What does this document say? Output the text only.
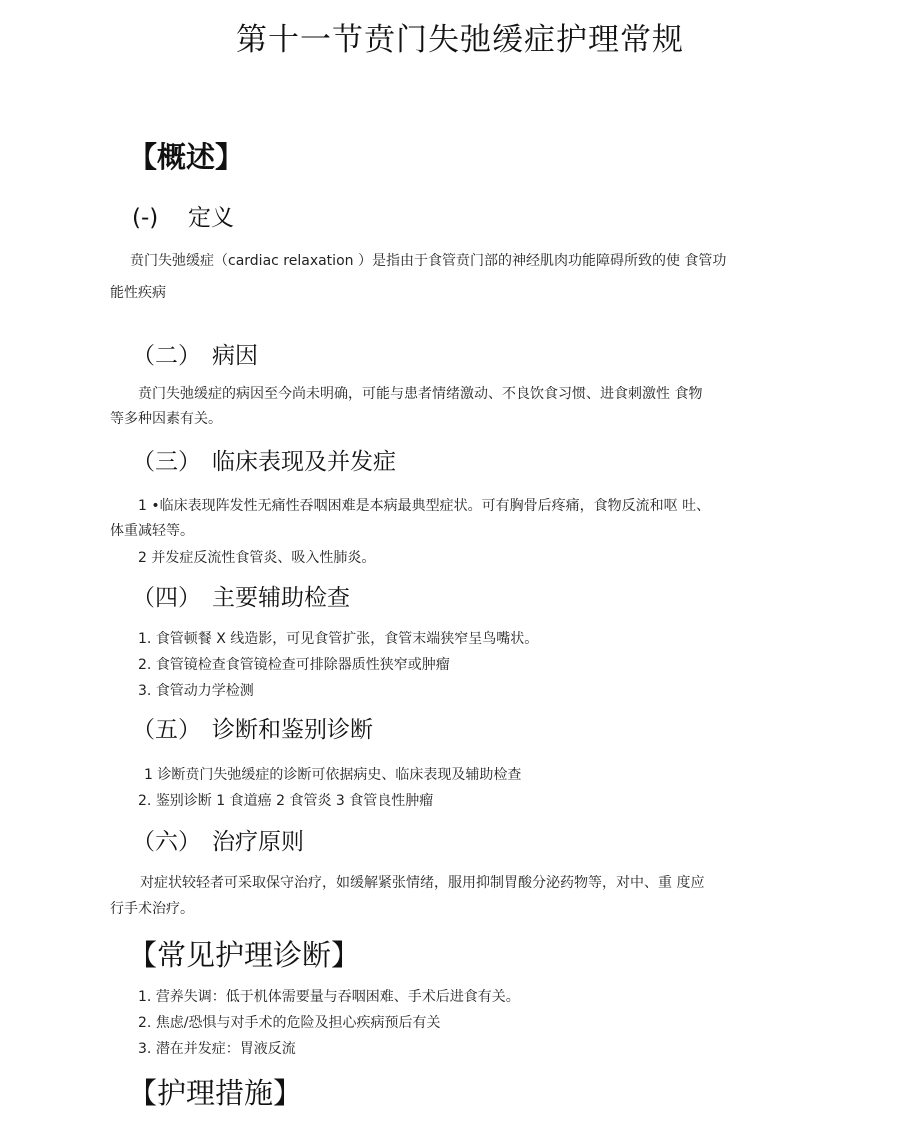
第十一节贲门失弛缓症护理常规
【概述】
(-) 定义
贲门失弛缓症（cardiac relaxation ）是指由于食管贲门部的神经肌肉功能障碍所致的使 食管功
能性疾病
（二） 病因
贲门失弛缓症的病因至今尚未明确，可能与患者情绪激动、不良饮食习惯、进食刺激性 食物
等多种因素有关。
（三） 临床表现及并发症
1 •临床表现阵发性无痛性吞咽困难是本病最典型症状。可有胸骨后疼痛，食物反流和呕 吐、
体重减轻等。
2 并发症反流性食管炎、吸入性肺炎。
（四） 主要辅助检查
1. 食管顿餐 X 线造影，可见食管扩张，食管末端狭窄呈鸟嘴状。
2. 食管镜检查食管镜检查可排除器质性狭窄或肿瘤
3. 食管动力学检测
（五） 诊断和鉴别诊断
1 诊断贲门失弛缓症的诊断可依据病史、临床表现及辅助检查
2. 鉴别诊断 1 食道癌 2 食管炎 3 食管良性肿瘤
（六） 治疗原则
对症状较轻者可采取保守治疗，如缓解紧张情绪，服用抑制胃酸分泌药物等，对中、重 度应
行手术治疗。
【常见护理诊断】
1. 营养失调：低于机体需要量与吞咽困难、手术后进食有关。
2. 焦虑/恐惧与对手术的危险及担心疾病预后有关
3. 潜在并发症：胃液反流
【护理措施】
